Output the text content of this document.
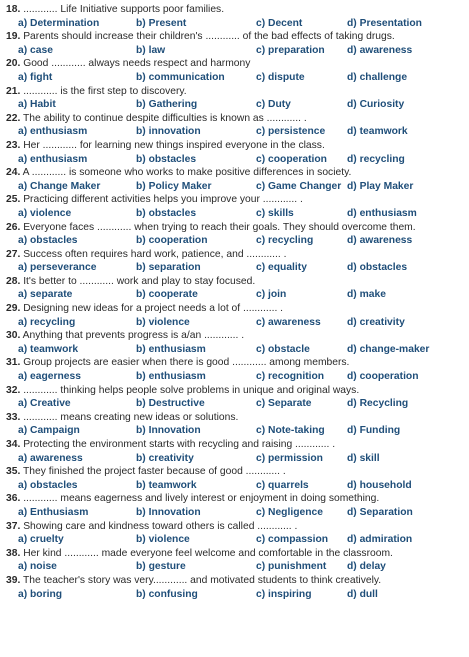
18. ............ Life Initiative supports poor families.
a) Determination	b) Present	c) Decent	d) Presentation
19. Parents should increase their children's ............ of the bad effects of taking drugs.
a) case	b) law	c) preparation	d) awareness
20. Good ............ always needs respect and harmony
a) fight	b) communication	c) dispute	d) challenge
21. ............ is the first step to discovery.
a) Habit	b) Gathering	c) Duty	d) Curiosity
22. The ability to continue despite difficulties is known as ............ .
a) enthusiasm	b) innovation	c) persistence	d) teamwork
23. Her ............ for learning new things inspired everyone in the class.
a) enthusiasm	b) obstacles	c) cooperation	d) recycling
24. A ............ is someone who works to make positive differences in society.
a) Change Maker	b) Policy Maker	c) Game Changer d) Play Maker
25. Practicing different activities helps you improve your ............ .
a) violence	b) obstacles	c) skills	d) enthusiasm
26. Everyone faces ............ when trying to reach their goals. They should overcome them.
a) obstacles	b) cooperation	c) recycling	d) awareness
27. Success often requires hard work, patience, and ............ .
a) perseverance	b) separation	c) equality	d) obstacles
28. It's better to ............ work and play to stay focused.
a) separate	b) cooperate	c) join	d) make
29. Designing new ideas for a project needs a lot of ............ .
a) recycling	b) violence	c) awareness	d) creativity
30. Anything that prevents progress is a/an ............ .
a) teamwork	b) enthusiasm	c) obstacle	d) change-maker
31. Group projects are easier when there is good ............ among members.
a) eagerness	b) enthusiasm	c) recognition	d) cooperation
32. ............ thinking helps people solve problems in unique and original ways.
a) Creative	b) Destructive	c) Separate	d) Recycling
33. ............ means creating new ideas or solutions.
a) Campaign	b) Innovation	c) Note-taking	d) Funding
34. Protecting the environment starts with recycling and raising ............ .
a) awareness	b) creativity	c) permission	d) skill
35. They finished the project faster because of good ............ .
a) obstacles	b) teamwork	c) quarrels	d) household
36. ............ means eagerness and lively interest or enjoyment in doing something.
a) Enthusiasm	b) Innovation	c) Negligence	d) Separation
37. Showing care and kindness toward others is called ............ .
a) cruelty	b) violence	c) compassion	d) admiration
38. Her kind ............ made everyone feel welcome and comfortable in the classroom.
a) noise	b) gesture	c) punishment	d) delay
39. The teacher's story was very............ and motivated students to think creatively.
a) boring	b) confusing	c) inspiring	d) dull
